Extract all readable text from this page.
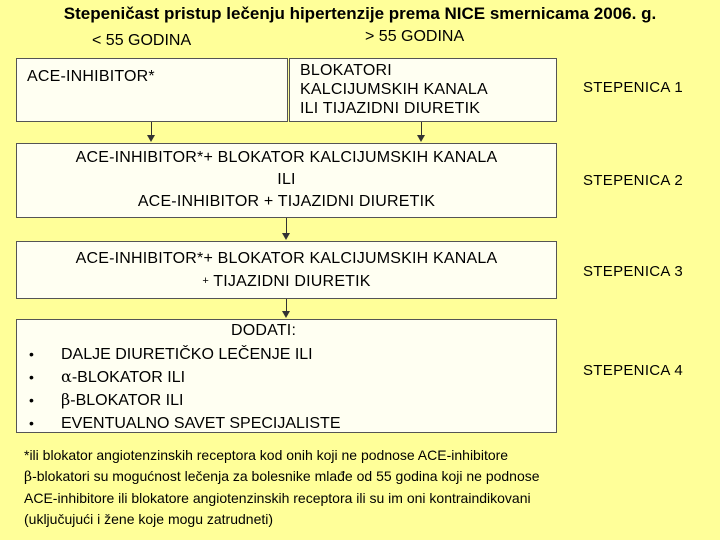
Stepeničast pristup lečenju hipertenzije prema NICE smernicama 2006. g.
< 55 GODINA	> 55 GODINA
ACE-INHIBITOR*	BLOKATORI
KALCIJUMSKIH KANALA
ILI TIJAZIDNI DIURETIK
STEPENICA 1
ACE-INHIBITOR*+ BLOKATOR KALCIJUMSKIH KANALA
ILI
ACE-INHIBITOR + TIJAZIDNI DIURETIK
STEPENICA 2
ACE-INHIBITOR*+ BLOKATOR KALCIJUMSKIH KANALA
+ TIJAZIDNI DIURETIK
STEPENICA 3
DODATI:
• DALJE DIURETIČKO LEČENJE ILI
• α-BLOKATOR ILI
• β-BLOKATOR ILI
• EVENTUALNO SAVET SPECIJALISTE
STEPENICA 4
*ili blokator angiotenzinskih receptora kod onih koji ne podnose ACE-inhibitore
β-blokatori su mogućnost lečenja za bolesnike mlađe od 55 godina koji ne podnose
ACE-inhibitore ili blokatore angiotenzinskih receptora ili su im oni kontraindikovani
(uključujući i žene koje mogu zatrudneti)
